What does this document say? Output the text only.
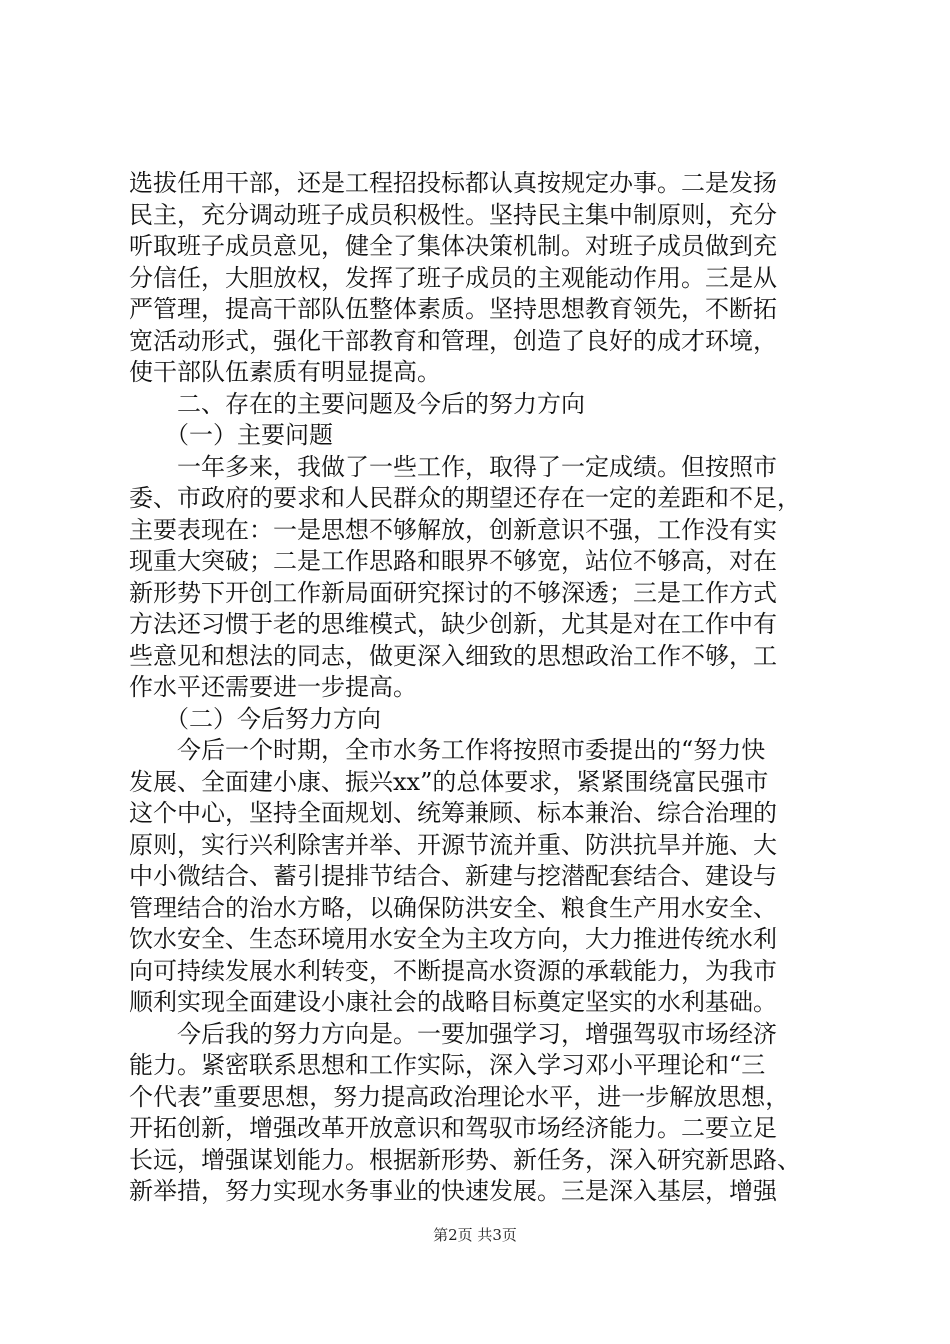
选拔任用干部，还是工程招投标都认真按规定办事。二是发扬
民主，充分调动班子成员积极性。坚持民主集中制原则，充分
听取班子成员意见，健全了集体决策机制。对班子成员做到充
分信任，大胆放权，发挥了班子成员的主观能动作用。三是从
严管理，提高干部队伍整体素质。坚持思想教育领先，不断拓
宽活动形式，强化干部教育和管理，创造了良好的成才环境，
使干部队伍素质有明显提高。
二、存在的主要问题及今后的努力方向
（一）主要问题
一年多来，我做了一些工作，取得了一定成绩。但按照市
委、市政府的要求和人民群众的期望还存在一定的差距和不足，
主要表现在：一是思想不够解放，创新意识不强，工作没有实
现重大突破；二是工作思路和眼界不够宽，站位不够高，对在
新形势下开创工作新局面研究探讨的不够深透；三是工作方式
方法还习惯于老的思维模式，缺少创新，尤其是对在工作中有
些意见和想法的同志，做更深入细致的思想政治工作不够，工
作水平还需要进一步提高。
（二）今后努力方向
今后一个时期，全市水务工作将按照市委提出的“努力快
发展、全面建小康、振兴xx”的总体要求，紧紧围绕富民强市
这个中心，坚持全面规划、统筹兼顾、标本兼治、综合治理的
原则，实行兴利除害并举、开源节流并重、防洪抗旱并施、大
中小微结合、蓄引提排节结合、新建与挖潜配套结合、建设与
管理结合的治水方略，以确保防洪安全、粮食生产用水安全、
饮水安全、生态环境用水安全为主攻方向，大力推进传统水利
向可持续发展水利转变，不断提高水资源的承载能力，为我市
顺利实现全面建设小康社会的战略目标奠定坚实的水利基础。
今后我的努力方向是。一要加强学习，增强驾驭市场经济
能力。紧密联系思想和工作实际，深入学习邓小平理论和“三
个代表”重要思想，努力提高政治理论水平，进一步解放思想，
开拓创新，增强改革开放意识和驾驭市场经济能力。二要立足
长远，增强谋划能力。根据新形势、新任务，深入研究新思路、
新举措，努力实现水务事业的快速发展。三是深入基层，增强
第2页 共3页
